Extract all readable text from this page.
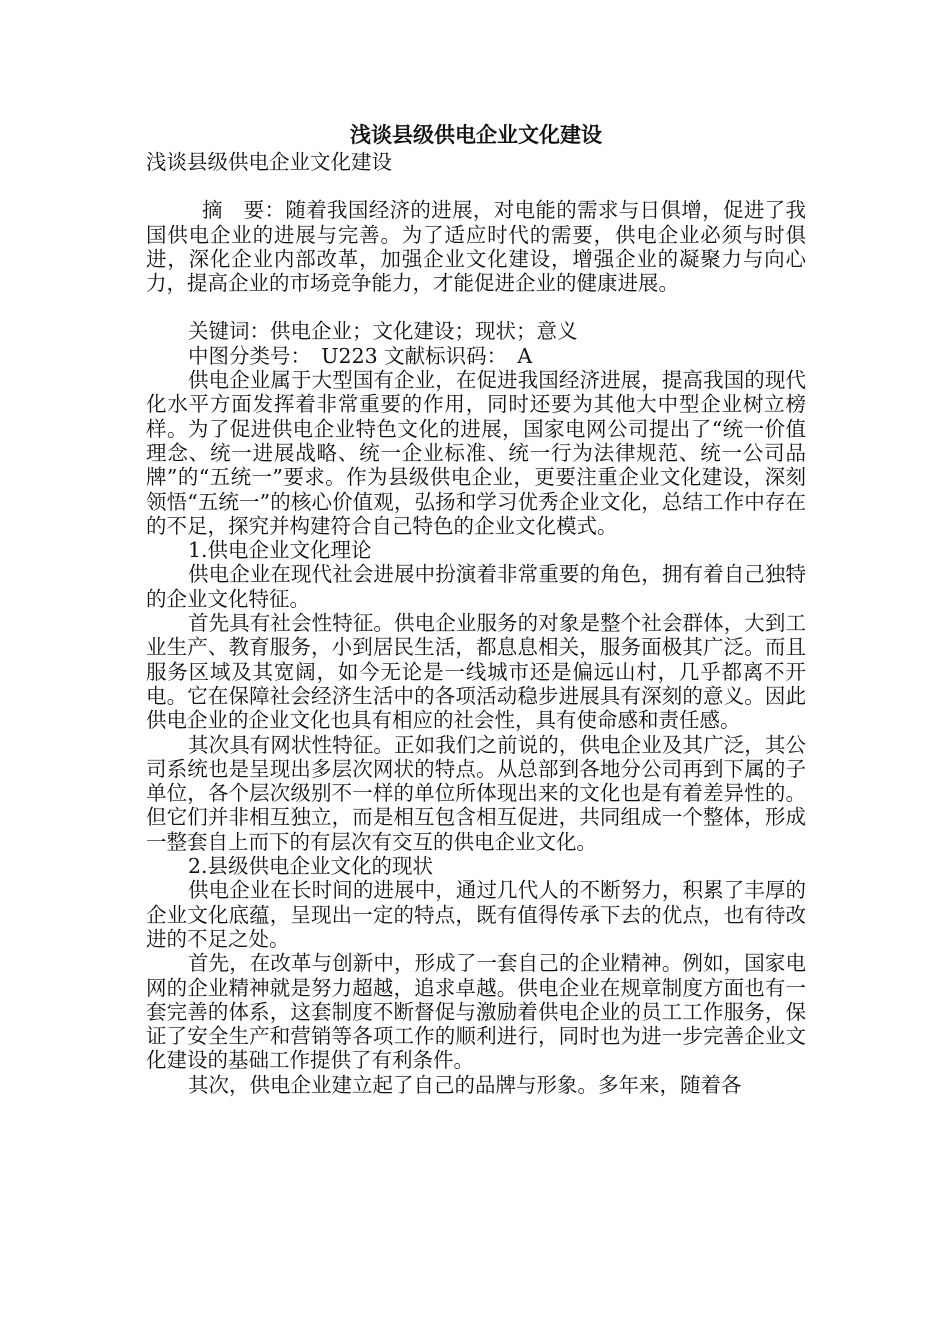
浅谈县级供电企业文化建设

浅谈县级供电企业文化建设

摘　要：随着我国经济的进展，对电能的需求与日俱增，促进了我国供电企业的进展与完善。为了适应时代的需要，供电企业必须与时俱进，深化企业内部改革，加强企业文化建设，增强企业的凝聚力与向心力，提高企业的市场竞争能力，才能促进企业的健康进展。

关键词：供电企业；文化建设；现状；意义

中图分类号：　U223 文献标识码：　A

供电企业属于大型国有企业，在促进我国经济进展，提高我国的现代化水平方面发挥着非常重要的作用，同时还要为其他大中型企业树立榜样。为了促进供电企业特色文化的进展，国家电网公司提出了“统一价值理念、统一进展战略、统一企业标准、统一行为法律规范、统一公司品牌”的“五统一”要求。作为县级供电企业，更要注重企业文化建设，深刻领悟“五统一”的核心价值观，弘扬和学习优秀企业文化，总结工作中存在的不足，探究并构建符合自己特色的企业文化模式。

1.供电企业文化理论

供电企业在现代社会进展中扮演着非常重要的角色，拥有着自己独特的企业文化特征。

首先具有社会性特征。供电企业服务的对象是整个社会群体，大到工业生产、教育服务，小到居民生活，都息息相关，服务面极其广泛。而且服务区域及其宽阔，如今无论是一线城市还是偏远山村，几乎都离不开电。它在保障社会经济生活中的各项活动稳步进展具有深刻的意义。因此供电企业的企业文化也具有相应的社会性，具有使命感和责任感。

其次具有网状性特征。正如我们之前说的，供电企业及其广泛，其公司系统也是呈现出多层次网状的特点。从总部到各地分公司再到下属的子单位，各个层次级别不一样的单位所体现出来的文化也是有着差异性的。但它们并非相互独立，而是相互包含相互促进，共同组成一个整体，形成一整套自上而下的有层次有交互的供电企业文化。

2.县级供电企业文化的现状

供电企业在长时间的进展中，通过几代人的不断努力，积累了丰厚的企业文化底蕴，呈现出一定的特点，既有值得传承下去的优点，也有待改进的不足之处。

首先，在改革与创新中，形成了一套自己的企业精神。例如，国家电网的企业精神就是努力超越，追求卓越。供电企业在规章制度方面也有一套完善的体系，这套制度不断督促与激励着供电企业的员工工作服务，保证了安全生产和营销等各项工作的顺利进行，同时也为进一步完善企业文化建设的基础工作提供了有利条件。

其次，供电企业建立起了自己的品牌与形象。多年来，随着各
